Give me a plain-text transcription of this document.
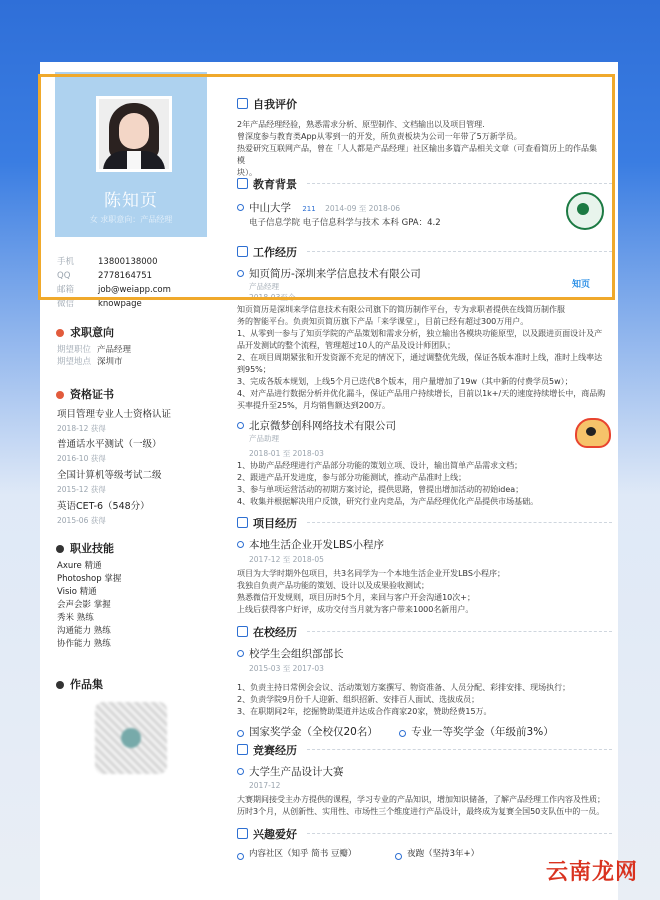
陈知页
女 求职意向：产品经理
手机	13800138000
QQ	2778164751
邮箱	job@weiapp.com
微信	knowpage
求职意向
期望职位 产品经理
期望地点 深圳市
资格证书
项目管理专业人士资格认证
2018-12 获得
普通话水平测试（一级）
2016-10 获得
全国计算机等级考试二级
2015-12 获得
英语CET-6（548分）
2015-06 获得
职业技能
Axure 精通
Photoshop 掌握
Visio 精通
会声会影 掌握
秀米 熟练
沟通能力 熟练
协作能力 熟练
作品集
自我评价
2年产品经理经验，熟悉需求分析、原型制作、文档输出以及项目管理.
曾深度参与教育类App从零到一的开发，所负责板块为公司一年带了5万新学员。
热爱研究互联网产品，曾在「人人都是产品经理」社区输出多篇产品相关文章（可查看简历上的作品集模
块）。
教育背景
中山大学 211 2014-09 至 2018-06
电子信息学院 电子信息科学与技术 本科 GPA：4.2
工作经历
知页简历-深圳来学信息技术有限公司
产品经理
2018-03至今
知页简历是深圳来学信息技术有限公司旗下的简历制作平台，专为求职者提供在线简历制作服
务的智能平台。负责知页简历旗下产品「来学课堂」，目前已经有超过300万用户。
1、从零到一参与了知页学院的产品策划和需求分析，独立输出各模块功能原型，以及跟进页面设计及产
品开发测试的整个流程，管理超过10人的产品及设计师团队；
2、在项目周期紧张和开发资源不充足的情况下，通过调整优先级，保证各版本准时上线，准时上线率达
到95%；
3、完成各版本规划，上线5个月已迭代8个版本，用户量增加了19w（其中新的付费学员5w）；
4、对产品进行数据分析并优化漏斗，保证产品用户持续增长，目前以1k+/天的速度持续增长中，商品购
买率提升至25%，月均销售额达到200万。
北京微梦创科网络技术有限公司
产品助理
2018-01 至 2018-03
1、协助产品经理进行产品部分功能的策划立项、设计，输出简单产品需求文档；
2、跟进产品开发进度，参与部分功能测试，推动产品准时上线；
3、参与单项运营活动的初期方案讨论，提供思路，曾提出增加活动的初始idea；
4、收集并根据解决用户反馈，研究行业内竞品，为产品经理优化产品提供市场基础。
知页
项目经历
本地生活企业开发LBS小程序
2017-12 至 2018-05
项目为大学时期外包项目，共3名同学为一个本地生活企业开发LBS小程序；
我独自负责产品功能的策划、设计以及成果验收测试；
熟悉微信开发规则，项目历时5个月，来回与客户开会沟通10次+；
上线后获得客户好评，成功交付当月就为客户带来1000名新用户。
在校经历
校学生会组织部部长
2015-03 至 2017-03
1、负责主持日常例会会议、活动策划方案撰写、物资准备、人员分配、彩排安排、现场执行；
2、负责学院9月份千人迎新、组织招新、安排百人面试、选拔成员；
3、在职期间2年，挖掘赞助渠道并达成合作商家20家，赞助经费15万。
国家奖学金（全校仅20名）	专业一等奖学金（年级前3%）
竞赛经历
大学生产品设计大赛
2017-12
大赛期间接受主办方提供的课程，学习专业的产品知识，增加知识储备，了解产品经理工作内容及性质；
历时3个月，从创新性、实用性、市场性三个维度进行产品设计，最终成为复赛全国50支队伍中的一员。
兴趣爱好
内容社区（知乎 简书 豆瓣）	夜跑（坚持3年+）
云南龙网
